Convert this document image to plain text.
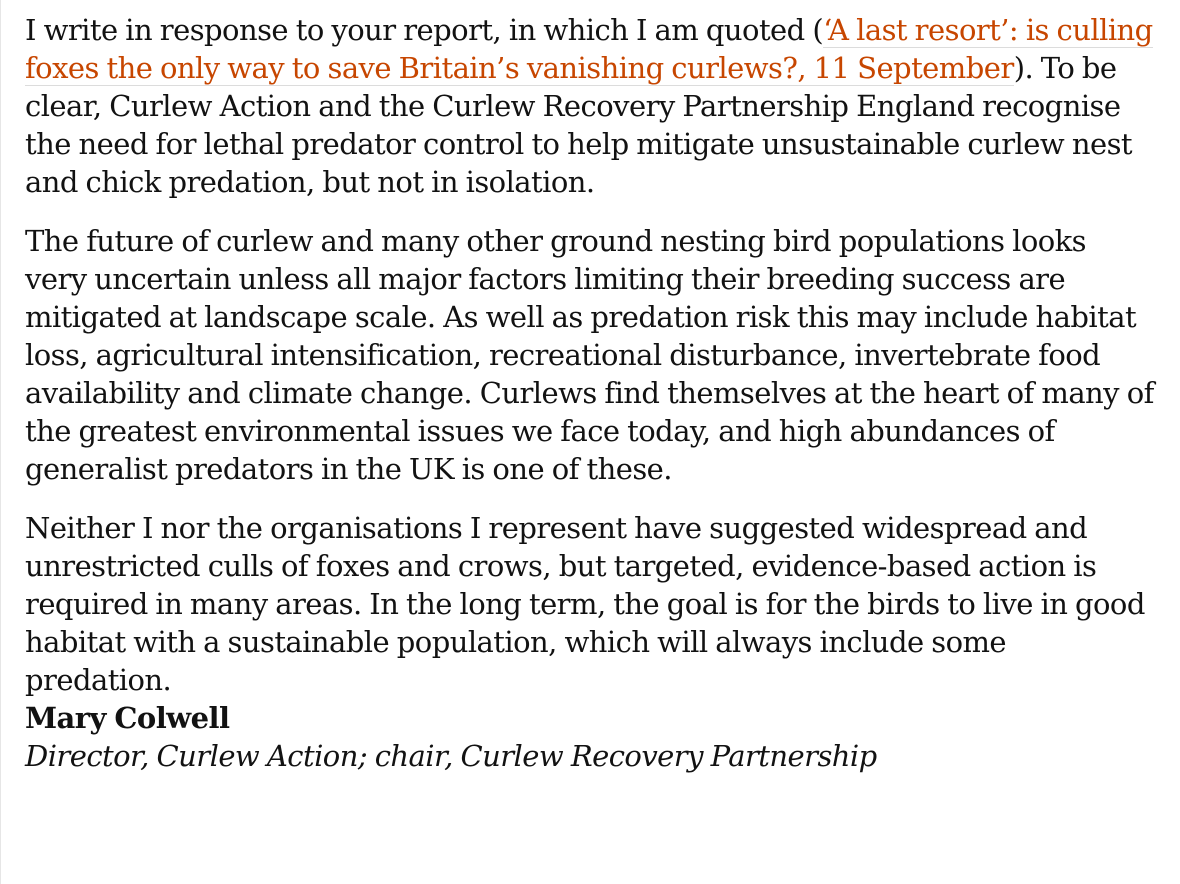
I write in response to your report, in which I am quoted (‘A last resort’: is culling foxes the only way to save Britain’s vanishing curlews?, 11 September). To be clear, Curlew Action and the Curlew Recovery Partnership England recognise the need for lethal predator control to help mitigate unsustainable curlew nest and chick predation, but not in isolation.

The future of curlew and many other ground nesting bird populations looks very uncertain unless all major factors limiting their breeding success are mitigated at landscape scale. As well as predation risk this may include habitat loss, agricultural intensification, recreational disturbance, invertebrate food availability and climate change. Curlews find themselves at the heart of many of the greatest environmental issues we face today, and high abundances of generalist predators in the UK is one of these.

Neither I nor the organisations I represent have suggested widespread and unrestricted culls of foxes and crows, but targeted, evidence-based action is required in many areas. In the long term, the goal is for the birds to live in good habitat with a sustainable population, which will always include some predation.
Mary Colwell
Director, Curlew Action; chair, Curlew Recovery Partnership
